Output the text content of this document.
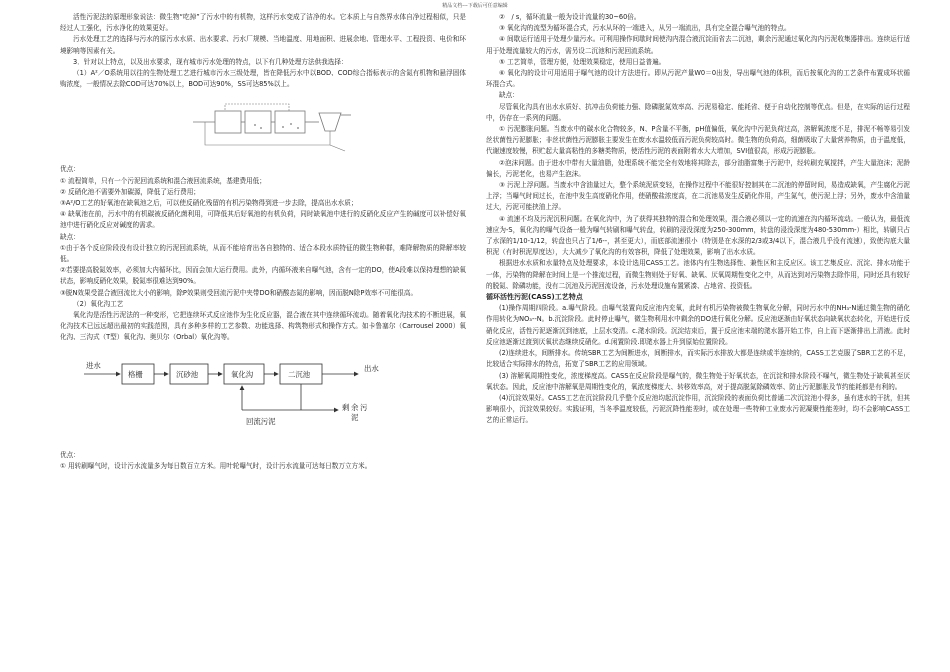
精品文档---下载后可任意编辑

活性污泥法的原理形象说法：微生物“吃掉”了污水中的有机物，这样污水变成了洁净的水。它本质上与自然界水体自净过程相似，只是经过人工强化，污水净化的效果更好。

污水处理工艺的选择与污水的原污水水质、出水要求、污水厂规模、当地温度、用地面积、进展余地、管理水平、工程投资、电价和环境影响等因素有关。

3．针对以上特点，以及出水要求，现有城市污水处理的特点，以下有几种处理方法供我选择：

（1）A²／O系统用以往的生物处理工艺进行城市污水三级处理，皆在降低污水中以BOD、COD综合指标表示的含氮有机物和悬浮固体购浓度，一般情况去除COD可达70%以上，BOD可达90%，SS可达85%以上。

优点：

① 流程简单，只有一个污泥回流系统和混合液回流系统，基建费用低；

② 反硝化池不需要外加碳源，降低了运行费用；

③A²/O工艺的好氧池在缺氧池之后，可以使反硝化残留的有机污染物得到进一步去除，提高出水水质；

④ 缺氧池在前，污水中的有机碳被反硝化菌利用，可降低其后好氧池的有机负荷，同时缺氧池中进行的反硝化反应产生的碱度可以补偿好氧池中进行硝化反应对碱度的需求。

缺点：

①由于各个反应阶段没有设计独立的污泥回流系统，从而不能培育出各自独特的、适合本段水质特征的微生物种群，难降解物质的降解率较低。

②若要提高脱氮效率，必须加大内循环比，因而会加大运行费用。此外，内循环液来自曝气池，含有一定的DO，使A段难以保持理想的缺氧状态，影响反硝化效果，脱氮率很难达到90%。

③脱N效果受混合液回流比大小的影响，除P效果则受回流污泥中夹带DO和硝酸态氮的影响，因而脱N除P效率不可能很高。

（2）氧化沟工艺

氧化沟是活性污泥法的一种变形，它把连续环式反应池作为生化反应器，混合液在其中连续循环流动。随着氧化沟技术的不断进展，氧化沟技术已远远超出最初的实践范围，具有多种多样的工艺参数、功能选择、构筑物形式和操作方式。如卡鲁塞尔（Carrousel 2000）氧化沟、三沟式（T型）氧化沟、奥贝尔（Orbal）氧化沟等。

进水
格栅	沉砂池	氧化沟	二沉池
出水
回流污泥
剩 余 污
泥

优点：

① 用转刷曝气时，设计污水流量多为每日数百立方米。用叶轮曝气时，设计污水流量可达每日数万立方米。

②　/ s，循环流量一般为设计流量的30~60倍。

③ 氧化沟的流型为循环混合式，污水从环的一端进入，从另一端流出，具有完全混合曝气池的特点。

④ 间歇运行适用于处理少量污水。可利用操作间歇时间使沟内混合液沉淀而省去二沉池，剩余污泥通过氧化沟内污泥收集器排出。连续运行适用于处理流量较大的污水，需另设二沉池和污泥回流系统。

⑤ 工艺简单，管理方便，处理效果稳定，使用日益普遍。

⑥ 氧化沟的设计可用适用于曝气池的设计方法进行。即从污泥产量W0＝0出发，导出曝气池的体积，而后按氧化沟的工艺条件布置成环状循环混合式。

缺点：

尽管氧化沟具有出水水质好、抗冲击负荷能力强、除磷脱氮效率高、污泥易稳定、能耗省、便于自动化控制等优点。但是，在实际的运行过程中，仍存在一系列的问题。

① 污泥膨胀问题。当废水中的碳水化合物较多，N、P含量不平衡，pH值偏低，氧化沟中污泥负荷过高，溶解氧浓度不足，排泥不畅等易引发丝状菌性污泥膨胀；非丝状菌性污泥膨胀主要发生在废水水温较低而污泥负荷较高时。微生物的负荷高，细菌吸取了大量营养物质，由于温度低，代谢速度较慢，积贮起大量高粘性的多糖类物质，使活性污泥的表面附着水大大增加，SVI值很高，形成污泥膨胀。

②泡沫问题。由于进水中带有大量油脂，处理系统不能完全有效地将其除去，部分油脂富集于污泥中，经转刷充氧搅拌，产生大量泡沫；泥龄偏长，污泥老化，也易产生泡沫。

③ 污泥上浮问题。当废水中含油量过大，整个系统泥质变轻，在操作过程中不能很好控制其在二沉池的停留时间，易造成缺氧，产生腐化污泥上浮；当曝气时间过长，在池中发生高度硝化作用，使硝酸盐浓度高，在二沉池易发生反硝化作用，产生氮气，使污泥上浮；另外，废水中含油量过大，污泥可能挟油上浮。

④ 流速不均及污泥沉积问题。在氧化沟中，为了获得其独特的混合和处理效果，混合液必须以一定的流速在沟内循环流动。一般认为，最低流速应为-S，氧化沟的曝气设备一般为曝气转刷和曝气转盘，转刷的浸没深度为250-300mm，转盘的浸没深度为480-530mm-）相比，转刷只占了水深的1/10-1/12，转盘也只占了1/6--，甚至更大），而底部流速很小（特别是在水深的2/3或3/4以下，混合液几乎没有流速），致使沟底大量积泥（有时积泥厚度达），大大减少了氧化沟的有效容积，降低了处理效果，影响了出水水质。

根据进水水质和水量特点及处理要求，本设计选用CASS工艺。池体内有生物选择性、兼性区和主反应区。该工艺集反应、沉淀、排水功能于一体，污染物的降解在时间上是一个推流过程，而微生物则处于好氧、缺氧、厌氧周期性变化之中，从而达到对污染物去除作用，同时还具有较好的脱氮、除磷功能，没有二沉池及污泥回流设备，污水处理设施布置紧凑、占地省、投资低。

循环活性污泥(CASS)工艺特点

(1)操作周期四阶段。a.曝气阶段。由曝气装置向反应池内充氧，此时有机污染物被微生物氧化分解，同时污水中的NH₃-N通过微生物的硝化作用转化为NO₃--N。b.沉淀阶段。此时停止曝气，微生物利用水中剩余的DO进行氧化分解。反应池逐渐由好氧状态向缺氧状态转化，开始进行反硝化反应，活性污泥逐渐沉到池底，上层水变清。c.滗水阶段。沉淀结束后，置于反应池末端的滗水器开始工作，自上而下逐渐排出上清液。此时反应池逐渐过渡到厌氧状态继续反硝化。d.闲置阶段.即滗水器上升到原始位置阶段。

(2)连续进水，间断排水。传统SBR工艺为间断进水，间断排水，而实际污水排放大都是连续或半连续的，CASS工艺克服了SBR工艺的不足，比较适合实际排水的特点，拓宽了SBR工艺的应用领域。

(3) 溶解氧周期性变化，浓度梯度高。CASS在反应阶段是曝气的，微生物处于好氧状态，在沉淀和排水阶段不曝气，微生物处于缺氧甚至厌氧状态。因此，反应池中溶解氧是周期性变化的，氧浓度梯度大、转移效率高，对于提高脱氮除磷效率、防止污泥膨胀及节约能耗都是有利的。

(4)沉淀效果好。CASS工艺在沉淀阶段几乎整个反应池均起沉淀作用，沉淀阶段的表面负荷比普通二次沉淀池小得多，虽有进水的干扰，但其影响很小，沉淀效果较好。实践证明，当冬季温度较低，污泥沉降性能差时，或在处理一些特种工业废水污泥凝聚性能差时，均不会影响CASS工艺的正常运行。
